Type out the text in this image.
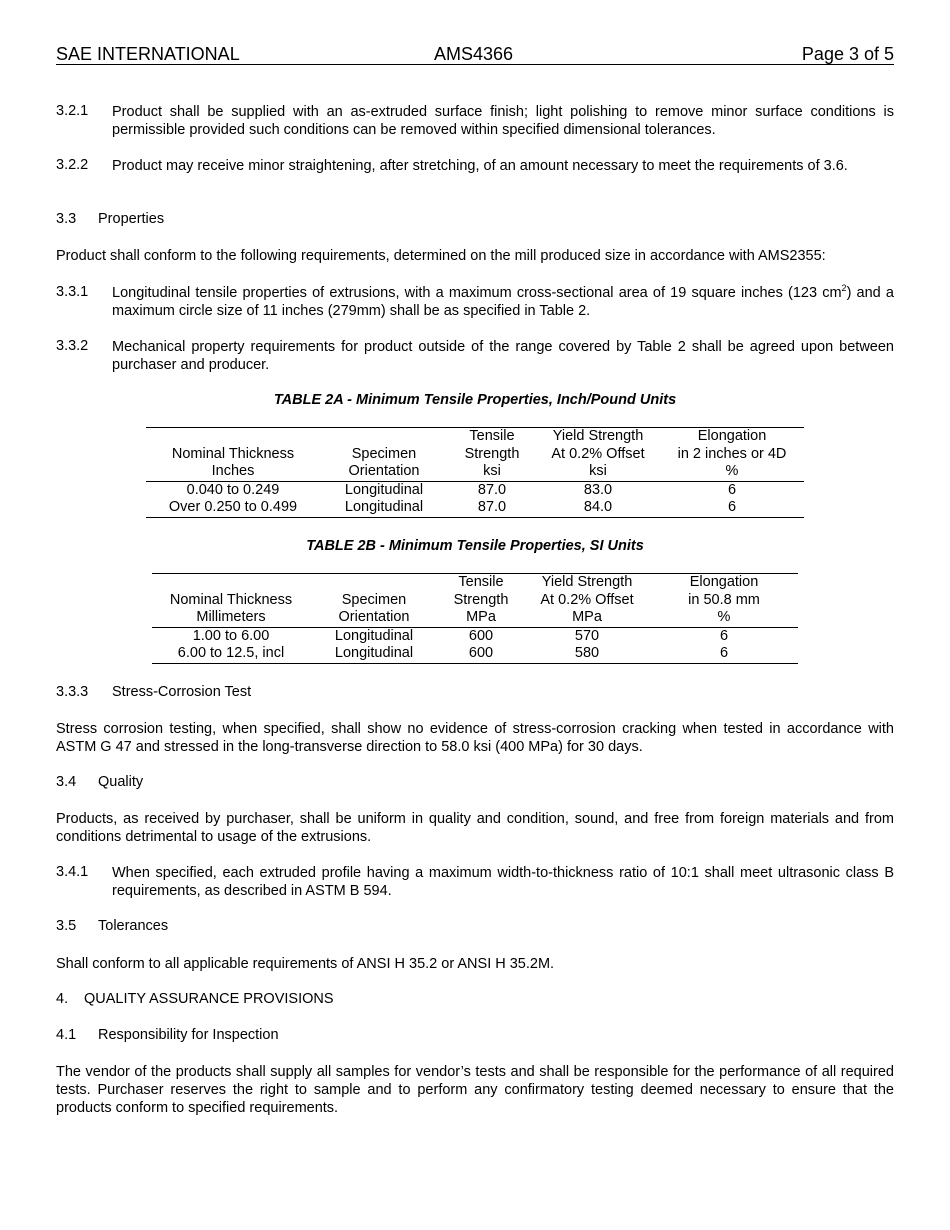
SAE INTERNATIONAL	AMS4366	Page 3 of 5
3.2.1 Product shall be supplied with an as-extruded surface finish; light polishing to remove minor surface conditions is permissible provided such conditions can be removed within specified dimensional tolerances.
3.2.2 Product may receive minor straightening, after stretching, of an amount necessary to meet the requirements of 3.6.
3.3 Properties
Product shall conform to the following requirements, determined on the mill produced size in accordance with AMS2355:
3.3.1 Longitudinal tensile properties of extrusions, with a maximum cross-sectional area of 19 square inches (123 $cm^2$) and a maximum circle size of 11 inches (279mm) shall be as specified in Table 2.
3.3.2 Mechanical property requirements for product outside of the range covered by Table 2 shall be agreed upon between purchaser and producer.
TABLE 2A - Minimum Tensile Properties, Inch/Pound Units
		Tensile	Yield Strength	Elongation
Nominal Thickness	Specimen	Strength	At 0.2% Offset	in 2 inches or 4D
Inches	Orientation	ksi	ksi	%
0.040 to 0.249	Longitudinal	87.0	83.0	6
Over 0.250 to 0.499	Longitudinal	87.0	84.0	6
TABLE 2B - Minimum Tensile Properties, SI Units
		Tensile	Yield Strength	Elongation
Nominal Thickness	Specimen	Strength	At 0.2% Offset	in 50.8 mm
Millimeters	Orientation	MPa	MPa	%
1.00 to 6.00	Longitudinal	600	570	6
6.00 to 12.5, incl	Longitudinal	600	580	6
3.3.3 Stress-Corrosion Test
Stress corrosion testing, when specified, shall show no evidence of stress-corrosion cracking when tested in accordance with ASTM G 47 and stressed in the long-transverse direction to 58.0 ksi (400 MPa) for 30 days.
3.4 Quality
Products, as received by purchaser, shall be uniform in quality and condition, sound, and free from foreign materials and from conditions detrimental to usage of the extrusions.
3.4.1 When specified, each extruded profile having a maximum width-to-thickness ratio of 10:1 shall meet ultrasonic class B requirements, as described in ASTM B 594.
3.5 Tolerances
Shall conform to all applicable requirements of ANSI H 35.2 or ANSI H 35.2M.
4. QUALITY ASSURANCE PROVISIONS
4.1 Responsibility for Inspection
The vendor of the products shall supply all samples for vendor’s tests and shall be responsible for the performance of all required tests. Purchaser reserves the right to sample and to perform any confirmatory testing deemed necessary to ensure that the products conform to specified requirements.
